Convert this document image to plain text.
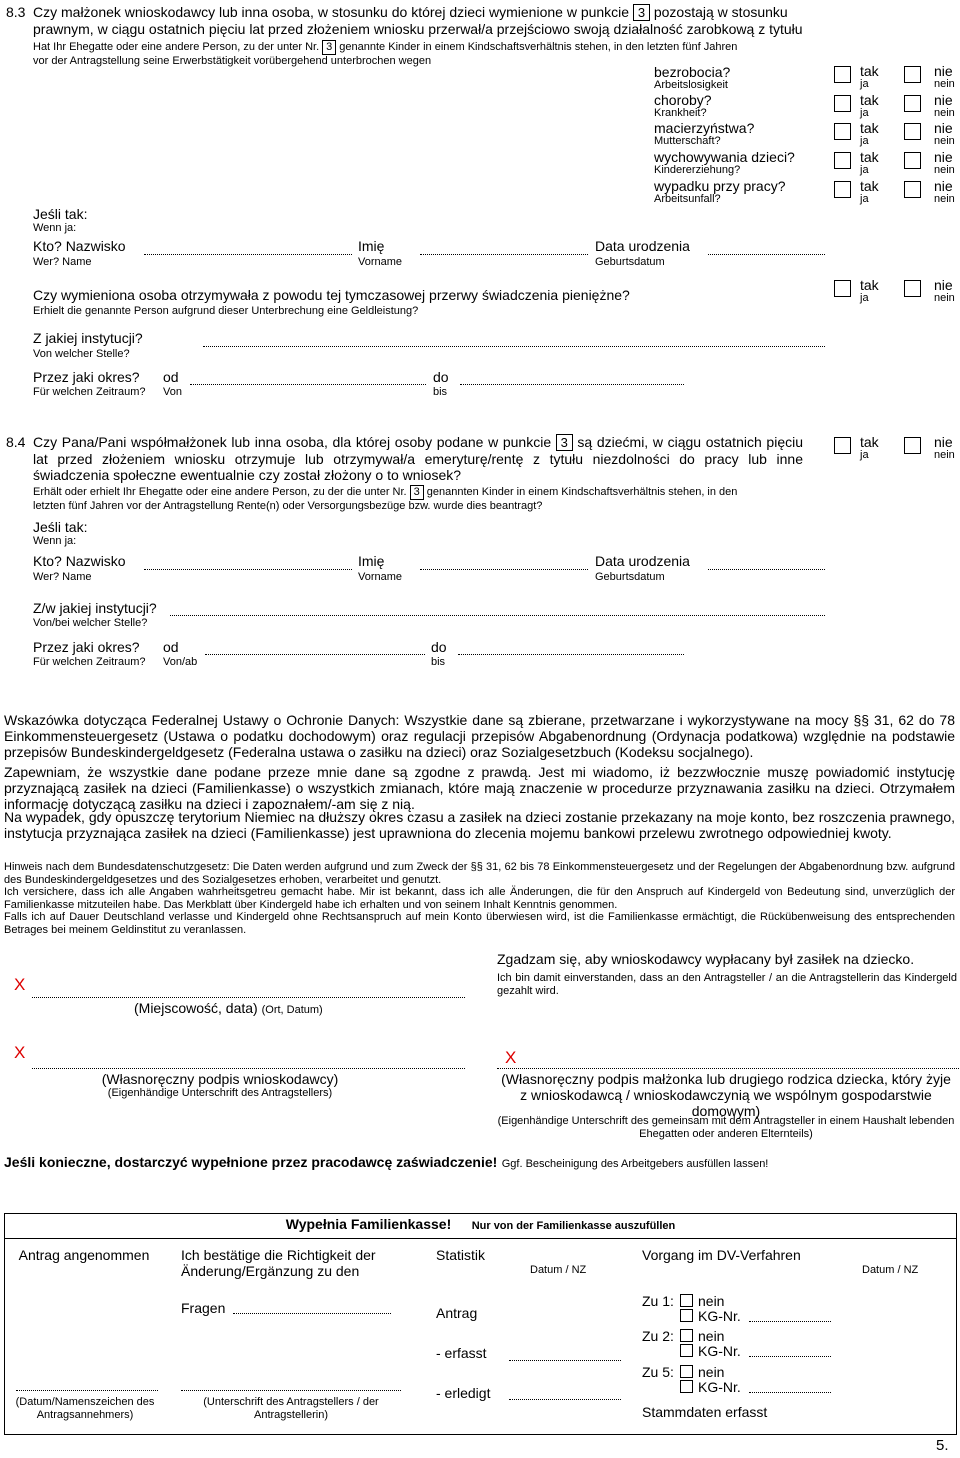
8.3 Czy małżonek wnioskodawcy lub inna osoba, w stosunku do której dzieci wymienione w punkcie 3 pozostają w stosunku
prawnym, w ciągu ostatnich pięciu lat przed złożeniem wniosku przerwał/a przejściowo swoją działalność zarobkową z tytułu
Hat Ihr Ehegatte oder eine andere Person, zu der unter Nr. 3 genannte Kinder in einem Kindschaftsverhältnis stehen, in den letzten fünf Jahren
vor der Antragstellung seine Erwerbstätigkeit vorübergehend unterbrochen wegen
bezrobocia?
Arbeitslosigkeit
choroby?
Krankheit?
macierzyństwa?
Mutterschaft?
wychowywania dzieci?
Kindererziehung?
wypadku przy pracy?
Arbeitsunfall?
tak
ja
nie
nein
tak
ja
nie
nein
tak
ja
nie
nein
tak
ja
nie
nein
tak
ja
nie
nein
Jeśli tak:
Wenn ja:
Kto? Nazwisko
Wer? Name
Imię
Vorname
Data urodzenia
Geburtsdatum
Czy wymieniona osoba otrzymywała z powodu tej tymczasowej przerwy świadczenia pieniężne?
Erhielt die genannte Person aufgrund dieser Unterbrechung eine Geldleistung?
tak
ja
nie
nein
Z jakiej instytucji?
Von welcher Stelle?
Przez jaki okres?
Für welchen Zeitraum?
od
Von
do
bis
8.4 Czy Pana/Pani współmałżonek lub inna osoba, dla której osoby podane w punkcie 3 są dziećmi, w ciągu ostatnich pięciu lat przed złożeniem wniosku otrzymuje lub otrzymywał/a emeryturę/rentę z tytułu niezdolności do pracy lub inne świadczenia społeczne ewentualnie czy został złożony o to wniosek?
Erhält oder erhielt Ihr Ehegatte oder eine andere Person, zu der die unter Nr. 3 genannten Kinder in einem Kindschaftsverhältnis stehen, in den
letzten fünf Jahren vor der Antragstellung Rente(n) oder Versorgungsbezüge bzw. wurde dies beantragt?
tak
ja
nie
nein
Jeśli tak:
Wenn ja:
Kto? Nazwisko
Wer? Name
Imię
Vorname
Data urodzenia
Geburtsdatum
Z/w jakiej instytucji?
Von/bei welcher Stelle?
Przez jaki okres?
Für welchen Zeitraum?
od
Von/ab
do
bis
Wskazówka dotycząca Federalnej Ustawy o Ochronie Danych: Wszystkie dane są zbierane, przetwarzane i wykorzystywane na mocy §§ 31, 62 do 78 Einkommensteuergesetz (Ustawa o podatku dochodowym) oraz regulacji przepisów Abgabenordnung (Ordynacja podatkowa) względnie na podstawie przepisów Bundeskindergeldgesetz (Federalna ustawa o zasiłku na dzieci) oraz Sozialgesetzbuch (Kodeksu socjalnego).
Zapewniam, że wszystkie dane podane przeze mnie dane są zgodne z prawdą. Jest mi wiadomo, iż bezzwłocznie muszę powiadomić instytucję przyznającą zasiłek na dzieci (Familienkasse) o wszystkich zmianach, które mają znaczenie w procedurze przyznawania zasiłku na dzieci. Otrzymałem informację dotyczącą zasiłku na dzieci i zapoznałem/-am się z nią.
Na wypadek, gdy opuszczę terytorium Niemiec na dłuższy okres czasu a zasiłek na dzieci zostanie przekazany na moje konto, bez roszczenia prawnego, instytucja przyznająca zasiłek na dzieci (Familienkasse) jest uprawniona do zlecenia mojemu bankowi przelewu zwrotnego odpowiedniej kwoty.
Hinweis nach dem Bundesdatenschutzgesetz: Die Daten werden aufgrund und zum Zweck der §§ 31, 62 bis 78 Einkommensteuergesetz und der Regelungen der Abgabenordnung bzw. aufgrund des Bundeskindergeldgesetzes und des Sozialgesetzes erhoben, verarbeitet und genutzt.
Ich versichere, dass ich alle Angaben wahrheitsgetreu gemacht habe. Mir ist bekannt, dass ich alle Änderungen, die für den Anspruch auf Kindergeld von Bedeutung sind, unverzüglich der Familienkasse mitzuteilen habe. Das Merkblatt über Kindergeld habe ich erhalten und von seinem Inhalt Kenntnis genommen.
Falls ich auf Dauer Deutschland verlasse und Kindergeld ohne Rechtsanspruch auf mein Konto überwiesen wird, ist die Familienkasse ermächtigt, die Rückübenweisung des entsprechenden Betrages bei meinem Geldinstitut zu veranlassen.
X
(Miejscowość, data) (Ort, Datum)
Zgadzam się, aby wnioskodawcy wypłacany był zasiłek na dziecko.
Ich bin damit einverstanden, dass an den Antragsteller / an die Antragstellerin das Kindergeld gezahlt wird.
X
(Własnoręczny podpis wnioskodawcy)
(Eigenhändige Unterschrift des Antragstellers)
X
(Własnoręczny podpis małżonka lub drugiego rodzica dziecka, który żyje z wnioskodawcą / wnioskodawczynią we wspólnym gospodarstwie domowym)
(Eigenhändige Unterschrift des gemeinsam mit dem Antragsteller in einem Haushalt lebenden Ehegatten oder anderen Elternteils)
Jeśli konieczne, dostarczyć wypełnione przez pracodawcę zaświadczenie! Ggf. Bescheinigung des Arbeitgebers ausfüllen lassen!
Wypełnia Familienkasse! Nur von der Familienkasse auszufüllen
Antrag angenommen
(Datum/Namenszeichen des Antragsannehmers)
Ich bestätige die Richtigkeit der Änderung/Ergänzung zu den
Fragen
(Unterschrift des Antragstellers / der Antragstellerin)
Statistik
Datum / NZ
Antrag
- erfasst
- erledigt
Vorgang im DV-Verfahren
Datum / NZ
Zu 1: nein
KG-Nr.
Zu 2: nein
KG-Nr.
Zu 5: nein
KG-Nr.
Stammdaten erfasst
5.
